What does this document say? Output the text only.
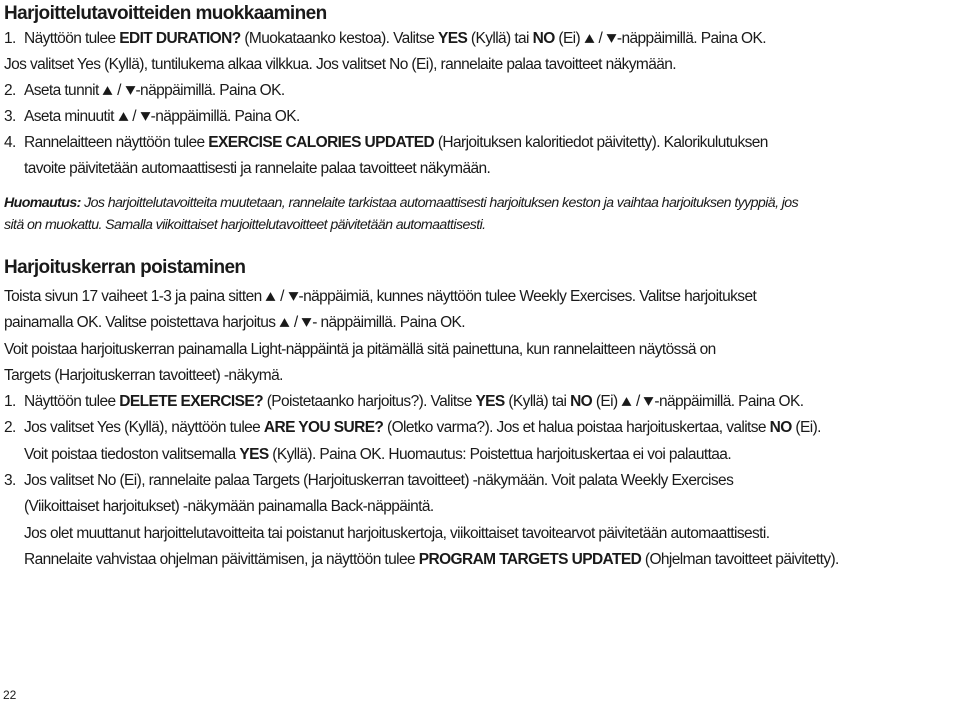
Harjoittelutavoitteiden muokkaaminen
1. Näyttöön tulee EDIT DURATION? (Muokataanko kestoa). Valitse YES (Kyllä) tai NO (Ei)  / -näppäimillä. Paina OK.
Jos valitset Yes (Kyllä), tuntilukema alkaa vilkkua. Jos valitset No (Ei), rannelaite palaa tavoitteet näkymään.
2. Aseta tunnit  / -näppäimillä. Paina OK.
3. Aseta minuutit  / -näppäimillä. Paina OK.
4. Rannelaitteen näyttöön tulee EXERCISE CALORIES UPDATED (Harjoituksen kaloritiedot päivitetty). Kalorikulutuksen
tavoite päivitetään automaattisesti ja rannelaite palaa tavoitteet näkymään.
Huomautus: Jos harjoittelutavoitteita muutetaan, rannelaite tarkistaa automaattisesti harjoituksen keston ja vaihtaa harjoituksen tyyppiä, jos
sitä on muokattu. Samalla viikoittaiset harjoittelutavoitteet päivitetään automaattisesti.
Harjoituskerran poistaminen
Toista sivun 17 vaiheet 1-3 ja paina sitten  / -näppäimiä, kunnes näyttöön tulee Weekly Exercises. Valitse harjoitukset
painamalla OK. Valitse poistettava harjoitus  / - näppäimillä. Paina OK.
Voit poistaa harjoituskerran painamalla Light-näppäintä ja pitämällä sitä painettuna, kun rannelaitteen näytössä on
Targets (Harjoituskerran tavoitteet) -näkymä.
1. Näyttöön tulee DELETE EXERCISE? (Poistetaanko harjoitus?). Valitse YES (Kyllä) tai NO (Ei)  / -näppäimillä. Paina OK.
2. Jos valitset Yes (Kyllä), näyttöön tulee ARE YOU SURE? (Oletko varma?). Jos et halua poistaa harjoituskertaa, valitse NO (Ei).
Voit poistaa tiedoston valitsemalla YES (Kyllä). Paina OK. Huomautus: Poistettua harjoituskertaa ei voi palauttaa.
3. Jos valitset No (Ei), rannelaite palaa Targets (Harjoituskerran tavoitteet) -näkymään. Voit palata Weekly Exercises
(Viikoittaiset harjoitukset) -näkymään painamalla Back-näppäintä.
Jos olet muuttanut harjoittelutavoitteita tai poistanut harjoituskertoja, viikoittaiset tavoitearvot päivitetään automaattisesti.
Rannelaite vahvistaa ohjelman päivittämisen, ja näyttöön tulee PROGRAM TARGETS UPDATED (Ohjelman tavoitteet päivitetty).
22
